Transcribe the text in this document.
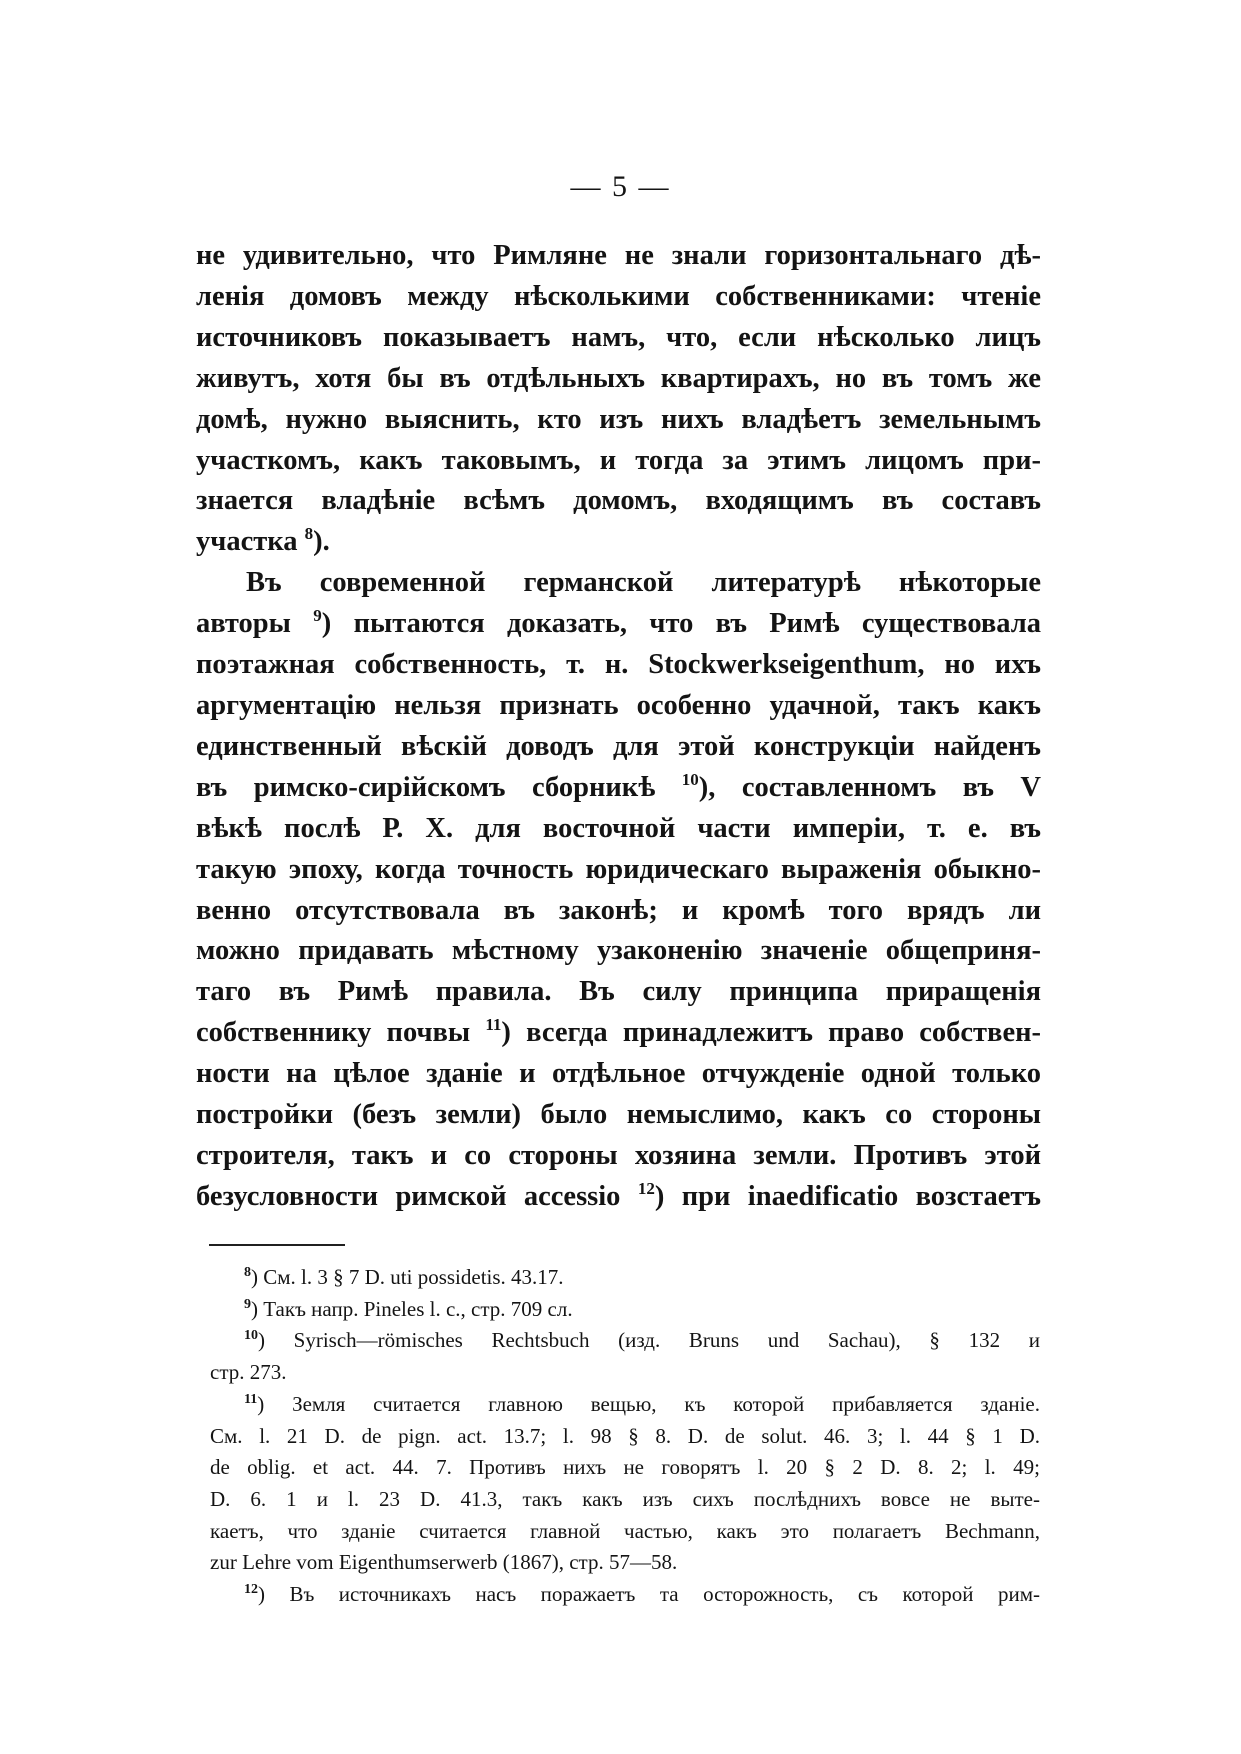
— 5 —
не удивительно, что Римляне не знали горизонтальнаго дѣ-
ленія домовъ между нѣсколькими собственниками: чтеніе
источниковъ показываетъ намъ, что, если нѣсколько лицъ
живутъ, хотя бы въ отдѣльныхъ квартирахъ, но въ томъ же
домѣ, нужно выяснить, кто изъ нихъ владѣетъ земельнымъ
участкомъ, какъ таковымъ, и тогда за этимъ лицомъ при-
знается владѣніе всѣмъ домомъ, входящимъ въ составъ
участка $^8$).
Въ современной германской литературѣ нѣкоторые
авторы $^9$) пытаются доказать, что въ Римѣ существовала
поэтажная собственность, т. н. Stockwerkseigenthum, но ихъ
аргументацію нельзя признать особенно удачной, такъ какъ
единственный вѣскій доводъ для этой конструкціи найденъ
въ римско-сирійскомъ сборникѣ $^{10}$), составленномъ въ V
вѣкѣ послѣ Р. Х. для восточной части имперіи, т. е. въ
такую эпоху, когда точность юридическаго выраженія обыкно-
венно отсутствовала въ законѣ; и кромѣ того врядъ ли
можно придавать мѣстному узаконенію значеніе общеприня-
таго въ Римѣ правила. Въ силу принципа приращенія
собственнику почвы $^{11}$) всегда принадлежитъ право собствен-
ности на цѣлое зданіе и отдѣльное отчужденіе одной только
постройки (безъ земли) было немыслимо, какъ со стороны
строителя, такъ и со стороны хозяина земли. Противъ этой
безусловности римской accessio $^{12}$) при inaedificatio возстаетъ
$^8$) См. l. 3 § 7 D. uti possidetis. 43.17.
$^9$) Такъ напр. Pineles l. c., стр. 709 сл.
$^{10}$) Syrisch—römisches Rechtsbuch (изд. Bruns und Sachau), § 132 и
стр. 273.
$^{11}$) Земля считается главною вещью, къ которой прибавляется зданіе.
См. l. 21 D. de pign. act. 13.7; l. 98 § 8. D. de solut. 46. 3; l. 44 § 1 D.
de oblig. et act. 44. 7. Противъ нихъ не говорятъ l. 20 § 2 D. 8. 2; l. 49;
D. 6. 1 и l. 23 D. 41.3, такъ какъ изъ сихъ послѣднихъ вовсе не выте-
каетъ, что зданіе считается главной частью, какъ это полагаетъ Bechmann,
zur Lehre vom Eigenthumserwerb (1867), стр. 57—58.
$^{12}$) Въ источникахъ насъ поражаетъ та осторожность, съ которой рим-
